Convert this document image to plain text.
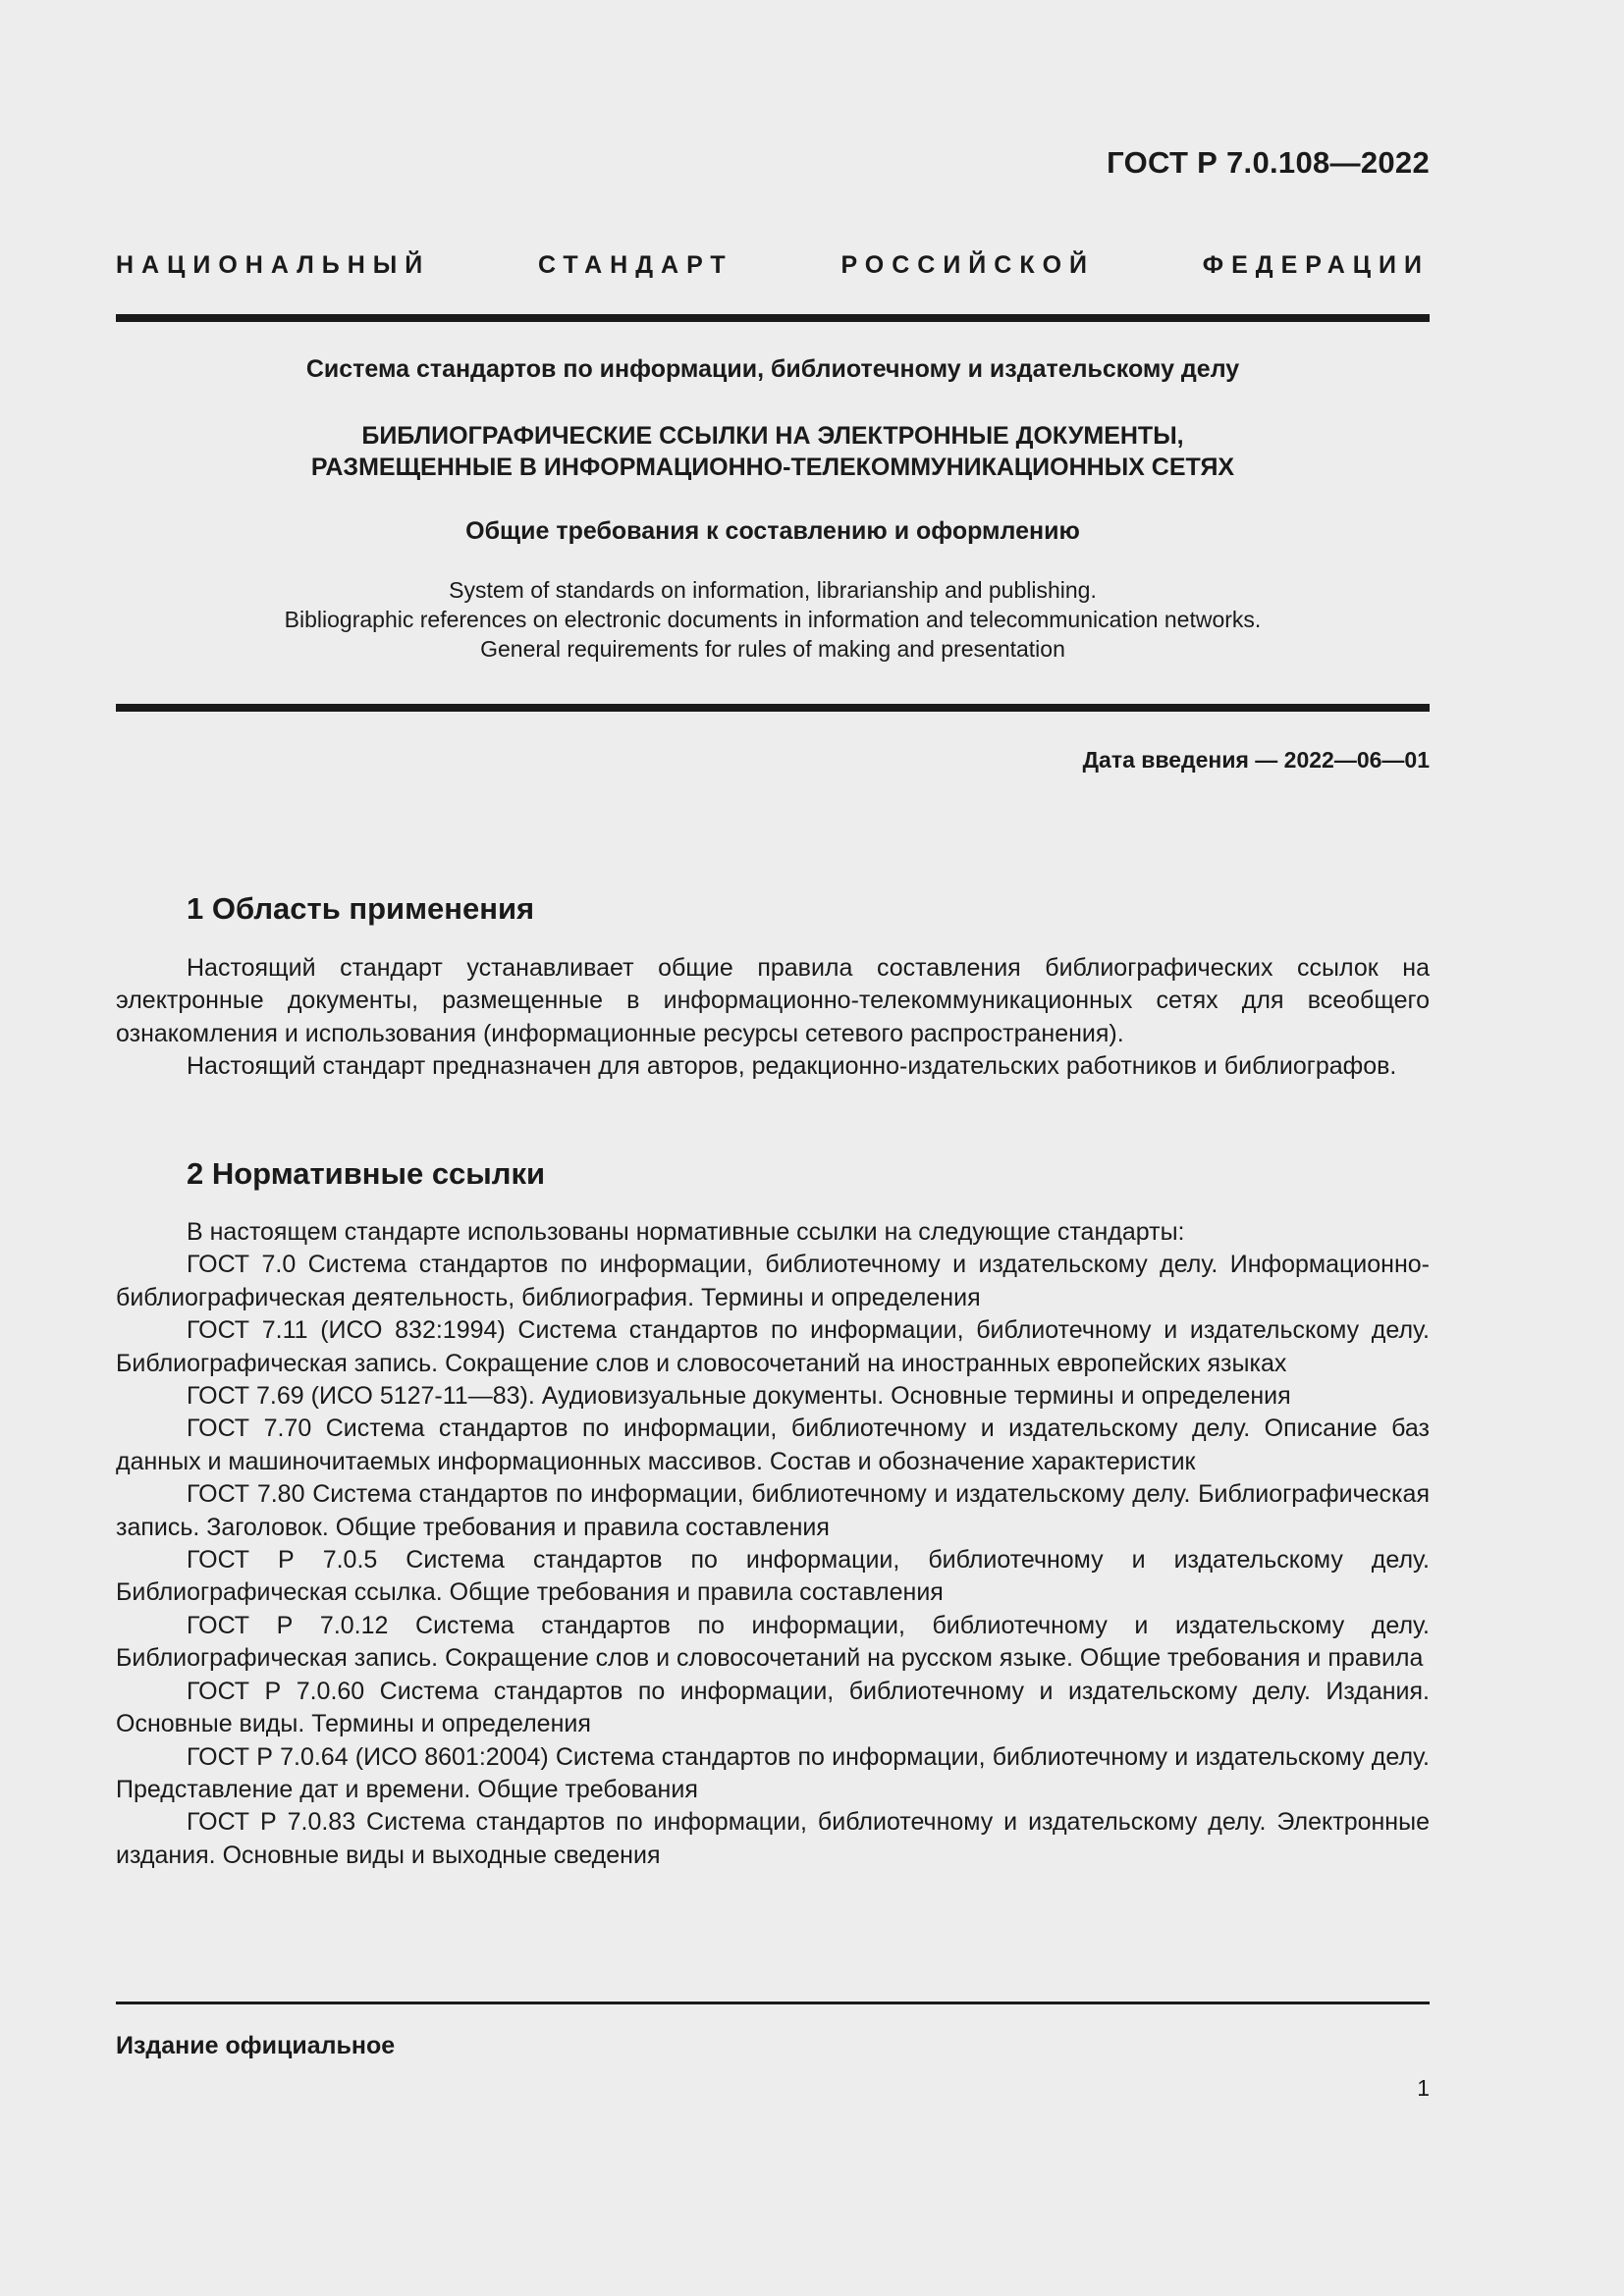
ГОСТ Р 7.0.108—2022
НАЦИОНАЛЬНЫЙ СТАНДАРТ РОССИЙСКОЙ ФЕДЕРАЦИИ
Система стандартов по информации, библиотечному и издательскому делу
БИБЛИОГРАФИЧЕСКИЕ ССЫЛКИ НА ЭЛЕКТРОННЫЕ ДОКУМЕНТЫ,
РАЗМЕЩЕННЫЕ В ИНФОРМАЦИОННО-ТЕЛЕКОММУНИКАЦИОННЫХ СЕТЯХ
Общие требования к составлению и оформлению
System of standards on information, librarianship and publishing.
Bibliographic references on electronic documents in information and telecommunication networks.
General requirements for rules of making and presentation
Дата введения — 2022—06—01
1 Область применения

Настоящий стандарт устанавливает общие правила составления библиографических ссылок на электронные документы, размещенные в информационно-телекоммуникационных сетях для всеобщего ознакомления и использования (информационные ресурсы сетевого распространения).

Настоящий стандарт предназначен для авторов, редакционно-издательских работников и библиографов.

2 Нормативные ссылки

В настоящем стандарте использованы нормативные ссылки на следующие стандарты:

ГОСТ 7.0 Система стандартов по информации, библиотечному и издательскому делу. Информационно-библиографическая деятельность, библиография. Термины и определения

ГОСТ 7.11 (ИСО 832:1994) Система стандартов по информации, библиотечному и издательскому делу. Библиографическая запись. Сокращение слов и словосочетаний на иностранных европейских языках

ГОСТ 7.69 (ИСО 5127-11—83). Аудиовизуальные документы. Основные термины и определения

ГОСТ 7.70 Система стандартов по информации, библиотечному и издательскому делу. Описание баз данных и машиночитаемых информационных массивов. Состав и обозначение характеристик

ГОСТ 7.80 Система стандартов по информации, библиотечному и издательскому делу. Библиографическая запись. Заголовок. Общие требования и правила составления

ГОСТ Р 7.0.5 Система стандартов по информации, библиотечному и издательскому делу. Библиографическая ссылка. Общие требования и правила составления

ГОСТ Р 7.0.12 Система стандартов по информации, библиотечному и издательскому делу. Библиографическая запись. Сокращение слов и словосочетаний на русском языке. Общие требования и правила

ГОСТ Р 7.0.60 Система стандартов по информации, библиотечному и издательскому делу. Издания. Основные виды. Термины и определения

ГОСТ Р 7.0.64 (ИСО 8601:2004) Система стандартов по информации, библиотечному и издательскому делу. Представление дат и времени. Общие требования

ГОСТ Р 7.0.83 Система стандартов по информации, библиотечному и издательскому делу. Электронные издания. Основные виды и выходные сведения

Издание официальное
1
